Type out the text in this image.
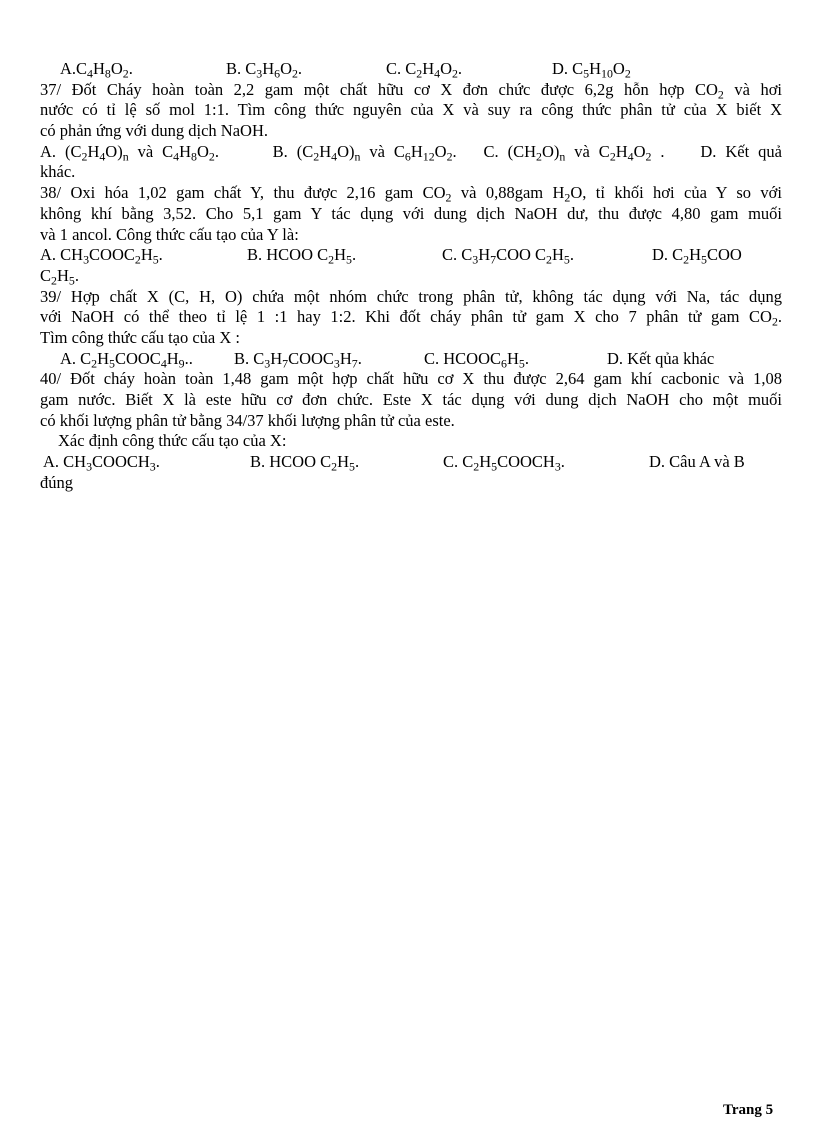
$A.C_4H_8O_2$.	B. $C_3H_6O_2$.	C. $C_2H_4O_2$.	D. $C_5H_{10}O_2$
37/ Đốt Cháy hoàn toàn 2,2 gam một chất hữu cơ X đơn chức được 6,2g hỗn hợp $CO_2$ và hơi
nước có tỉ lệ số mol 1:1. Tìm công thức nguyên của X và suy ra công thức phân tử của X biết X
có phản ứng với dung dịch NaOH.
A. $(C_2H_4O)_n$ và $C_4H_8O_2$.      B. $(C_2H_4O)_n$ và $C_6H_{12}O_2$.   C. $(CH_2O)_n$ và $C_2H_4O_2$ .    D. Kết quả
khác.
38/ Oxi hóa 1,02 gam chất Y, thu được 2,16 gam $CO_2$ và 0,88gam $H_2O$, tỉ khối hơi của Y so với
không khí bằng 3,52. Cho 5,1 gam Y tác dụng với dung dịch NaOH dư, thu được 4,80 gam muối
và 1 ancol. Công thức cấu tạo của Y là:
A. $CH_3COOC_2H_5$.	B. HCOO $C_2H_5$.	C. $C_3H_7COO$ $C_2H_5$.	D. $C_2H_5COO$
$C_2H_5$.
39/ Hợp chất X (C, H, O) chứa một nhóm chức trong phân tử, không tác dụng với Na, tác dụng
với NaOH có thể theo tỉ lệ 1 :1 hay 1:2. Khi đốt cháy phân tử gam X cho 7 phân tử gam $CO_2$.
Tìm công thức cấu tạo của X :
A. $C_2H_5COOC_4H_9$.. B. $C_3H_7COOC_3H_7$.	C. $HCOOC_6H_5$.	D. Kết qủa khác
40/ Đốt cháy hoàn toàn 1,48 gam một hợp chất hữu cơ X thu được 2,64 gam khí cacbonic và 1,08
gam nước. Biết X là este hữu cơ đơn chức. Este X tác dụng với dung dịch NaOH cho một muối
có khối lượng phân tử bằng 34/37 khối lượng phân tử của este.
Xác định công thức cấu tạo của X:
A. $CH_3COOCH_3$.	B. HCOO $C_2H_5$.	C. $C_2H_5COOCH_3$.	D. Câu A và B
đúng
Trang 5
